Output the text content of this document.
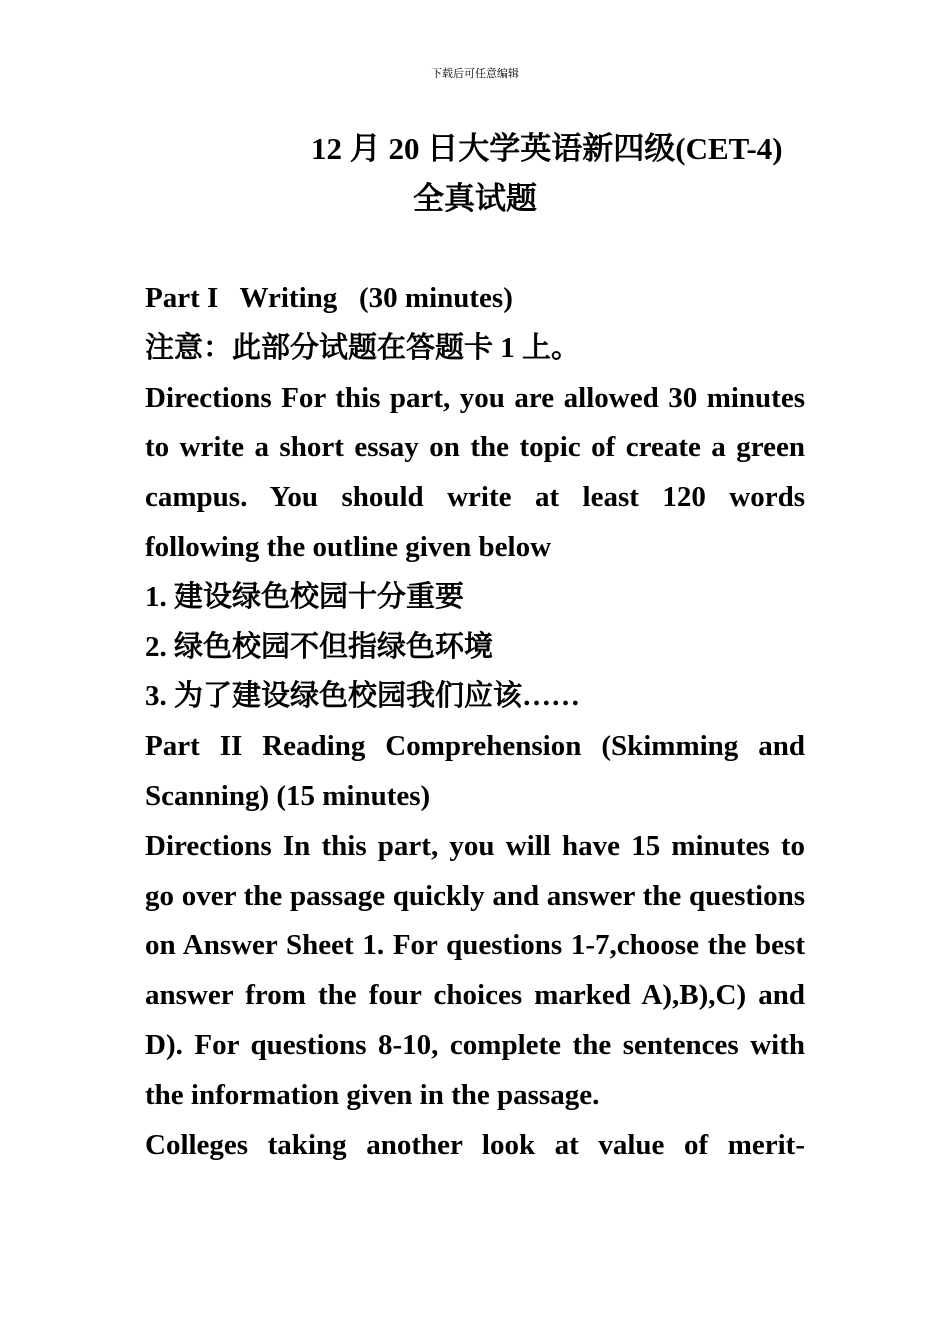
下载后可任意编辑
12 月 20 日大学英语新四级(CET-4)
全真试题

Part I   Writing   (30 minutes)

注意：此部分试题在答题卡 1 上。

Directions For this part, you are allowed 30 minutes to write a short essay on the topic of create a green campus. You should write at least 120 words following the outline given below

1. 建设绿色校园十分重要

2. 绿色校园不但指绿色环境

3. 为了建设绿色校园我们应该……

Part II Reading Comprehension (Skimming and Scanning) (15 minutes)

Directions In this part, you will have 15 minutes to go over the passage quickly and answer the questions on Answer Sheet 1. For questions 1-7,choose the best answer from the four choices marked A),B),C) and D). For questions 8-10, complete the sentences with the information given in the passage.

Colleges taking another look at value of merit-
